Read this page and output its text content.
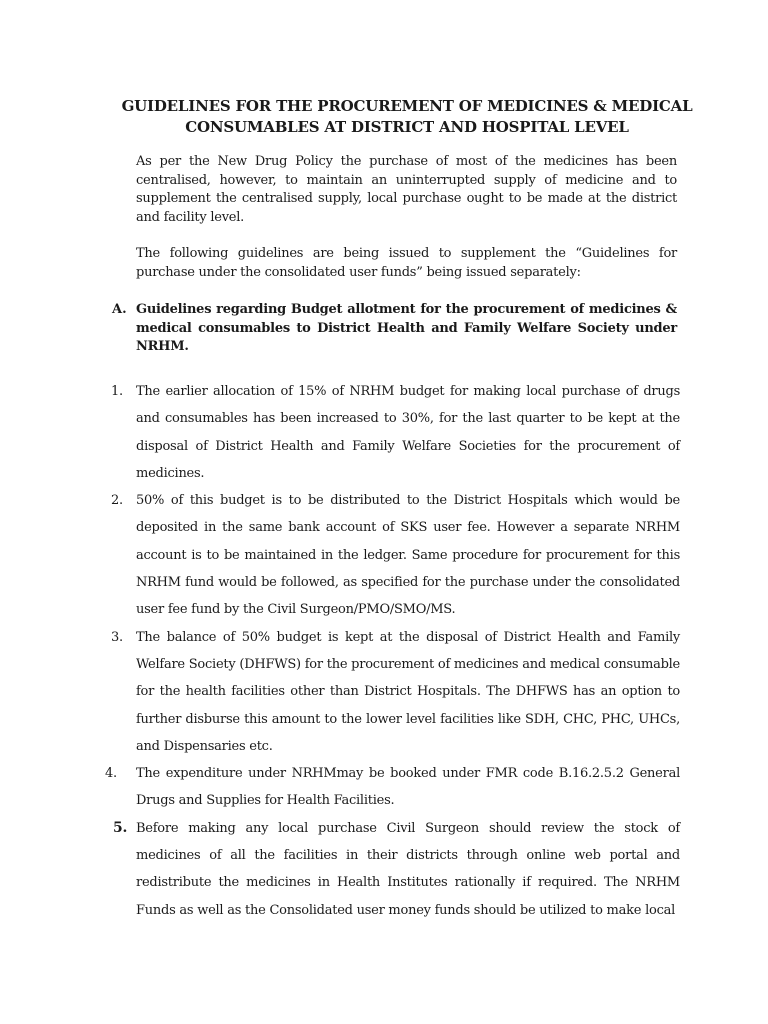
GUIDELINES FOR THE PROCUREMENT OF MEDICINES & MEDICAL
CONSUMABLES AT DISTRICT AND HOSPITAL LEVEL

As per the New Drug Policy the purchase of most of the medicines has been centralised, however, to maintain an uninterrupted supply of medicine and to supplement the centralised supply, local purchase ought to be made at the district and facility level.

The following guidelines are being issued to supplement the “Guidelines for purchase under the consolidated user funds” being issued separately:

A. Guidelines regarding Budget allotment for the procurement of medicines & medical consumables to District Health and Family Welfare Society under NRHM.
1.	The earlier allocation of 15% of NRHM budget for making local purchase of drugs and consumables has been increased to 30%, for the last quarter to be kept at the disposal of District Health and Family Welfare Societies for the procurement of medicines.
2.	50% of this budget is to be distributed to the District Hospitals which would be deposited in the same bank account of SKS user fee. However a separate NRHM account is to be maintained in the ledger. Same procedure for procurement for this NRHM fund would be followed, as specified for the purchase under the consolidated user fee fund by the Civil Surgeon/PMO/SMO/MS.
3.	The balance of 50% budget is kept at the disposal of District Health and Family Welfare Society (DHFWS) for the procurement of medicines and medical consumable for the health facilities other than District Hospitals. The DHFWS has an option to further disburse this amount to the lower level facilities like SDH, CHC, PHC, UHCs, and Dispensaries etc.
4.	The expenditure under NRHMmay be booked under FMR code B.16.2.5.2 General Drugs and Supplies for Health Facilities.
5. Before making any local purchase Civil Surgeon should review the stock of medicines of all the facilities in their districts through online web portal and redistribute the medicines in Health Institutes rationally if required. The NRHM Funds as well as the Consolidated user money funds should be utilized to make local
